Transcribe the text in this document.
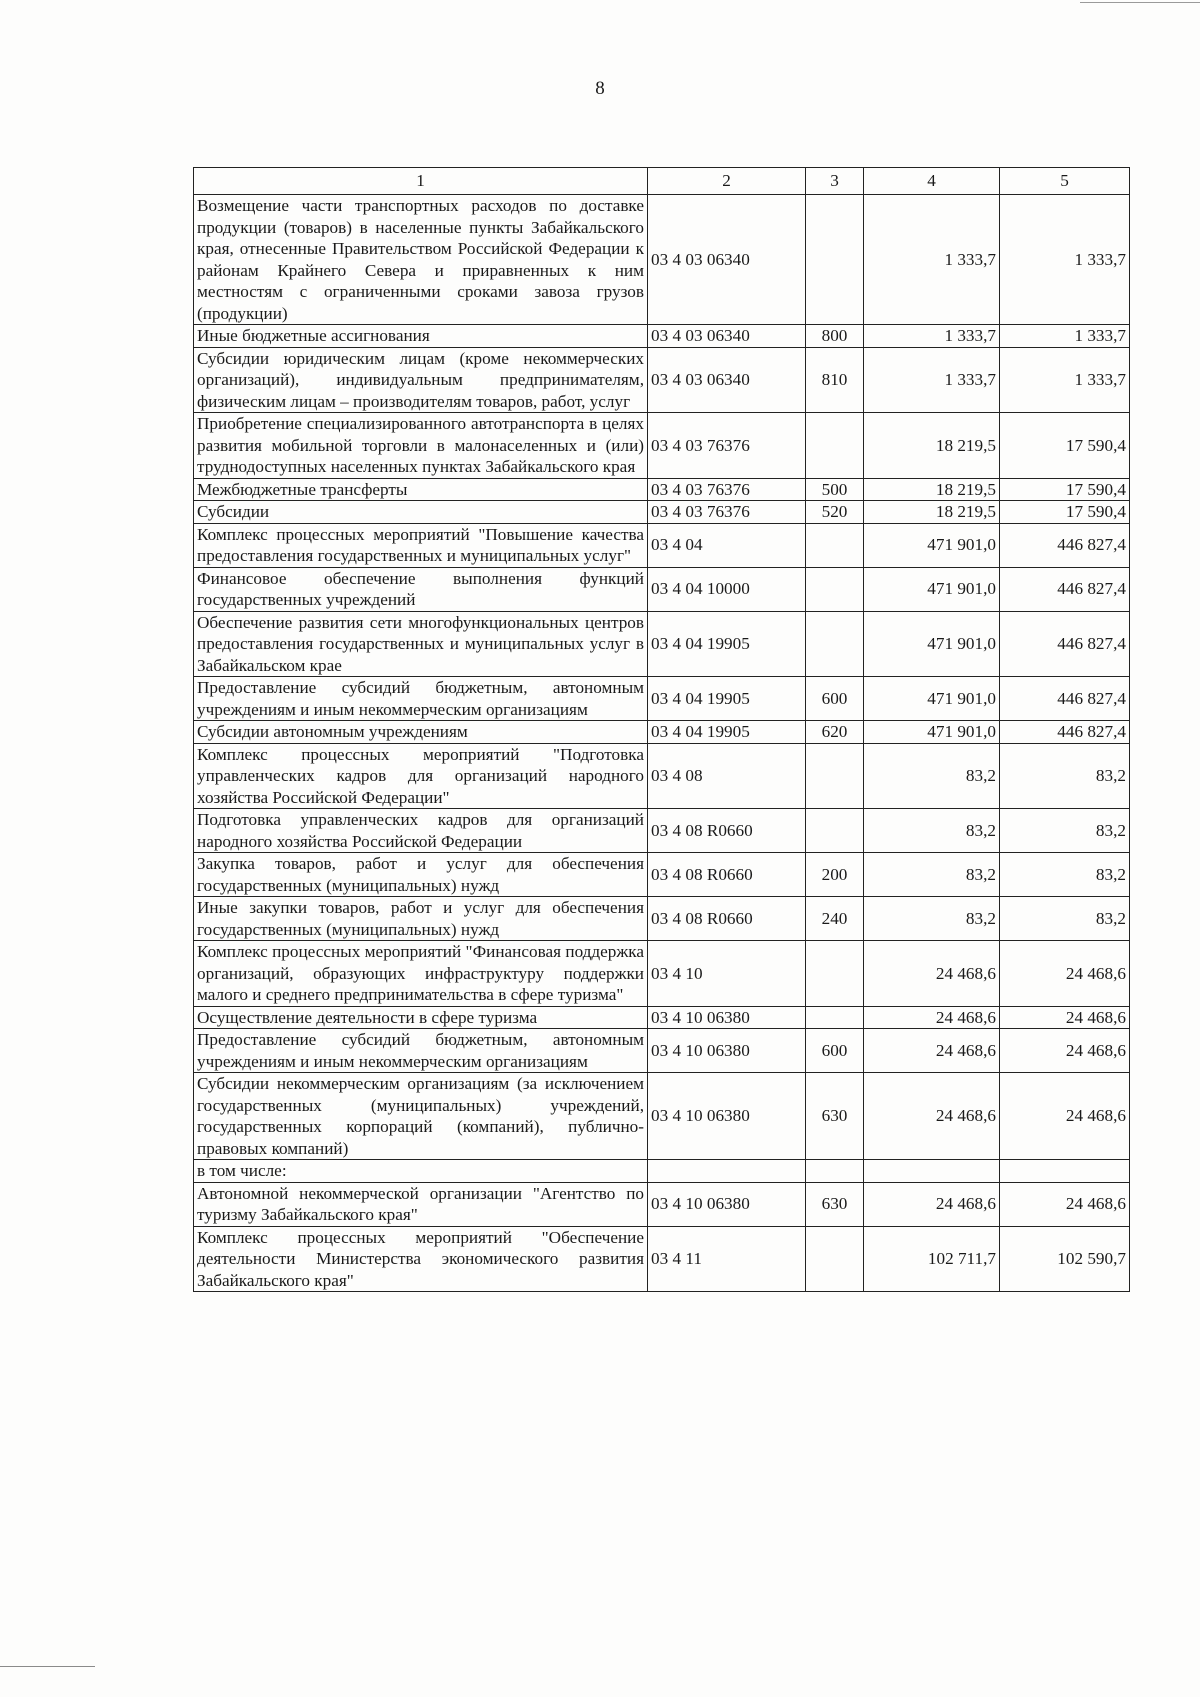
8
1	2	3	4	5
Возмещение части транспортных расходов по доставке продукции (товаров) в населенные пункты Забайкальского края, отнесенные Правительством Российской Федерации к районам Крайнего Севера и приравненных к ним местностям с ограниченными сроками завоза грузов (продукции)	03 4 03 06340		1 333,7	1 333,7
Иные бюджетные ассигнования	03 4 03 06340	800	1 333,7	1 333,7
Субсидии юридическим лицам (кроме некоммерческих организаций), индивидуальным предпринимателям, физическим лицам – производителям товаров, работ, услуг	03 4 03 06340	810	1 333,7	1 333,7
Приобретение специализированного автотранспорта в целях развития мобильной торговли в малонаселенных и (или) труднодоступных населенных пунктах Забайкальского края	03 4 03 76376		18 219,5	17 590,4
Межбюджетные трансферты	03 4 03 76376	500	18 219,5	17 590,4
Субсидии	03 4 03 76376	520	18 219,5	17 590,4
Комплекс процессных мероприятий "Повышение качества предоставления государственных и муниципальных услуг"	03 4 04		471 901,0	446 827,4
Финансовое обеспечение выполнения функций государственных учреждений	03 4 04 10000		471 901,0	446 827,4
Обеспечение развития сети многофункциональных центров предоставления государственных и муниципальных услуг в Забайкальском крае	03 4 04 19905		471 901,0	446 827,4
Предоставление субсидий бюджетным, автономным учреждениям и иным некоммерческим организациям	03 4 04 19905	600	471 901,0	446 827,4
Субсидии автономным учреждениям	03 4 04 19905	620	471 901,0	446 827,4
Комплекс процессных мероприятий "Подготовка управленческих кадров для организаций народного хозяйства Российской Федерации"	03 4 08		83,2	83,2
Подготовка управленческих кадров для организаций народного хозяйства Российской Федерации	03 4 08 R0660		83,2	83,2
Закупка товаров, работ и услуг для обеспечения государственных (муниципальных) нужд	03 4 08 R0660	200	83,2	83,2
Иные закупки товаров, работ и услуг для обеспечения государственных (муниципальных) нужд	03 4 08 R0660	240	83,2	83,2
Комплекс процессных мероприятий "Финансовая поддержка организаций, образующих инфраструктуру поддержки малого и среднего предпринимательства в сфере туризма"	03 4 10		24 468,6	24 468,6
Осуществление деятельности в сфере туризма	03 4 10 06380		24 468,6	24 468,6
Предоставление субсидий бюджетным, автономным учреждениям и иным некоммерческим организациям	03 4 10 06380	600	24 468,6	24 468,6
Субсидии некоммерческим организациям (за исключением государственных (муниципальных) учреждений, государственных корпораций (компаний), публично-правовых компаний)	03 4 10 06380	630	24 468,6	24 468,6
в том числе:				
Автономной некоммерческой организации "Агентство по туризму Забайкальского края"	03 4 10 06380	630	24 468,6	24 468,6
Комплекс процессных мероприятий "Обеспечение деятельности Министерства экономического развития Забайкальского края"	03 4 11		102 711,7	102 590,7
